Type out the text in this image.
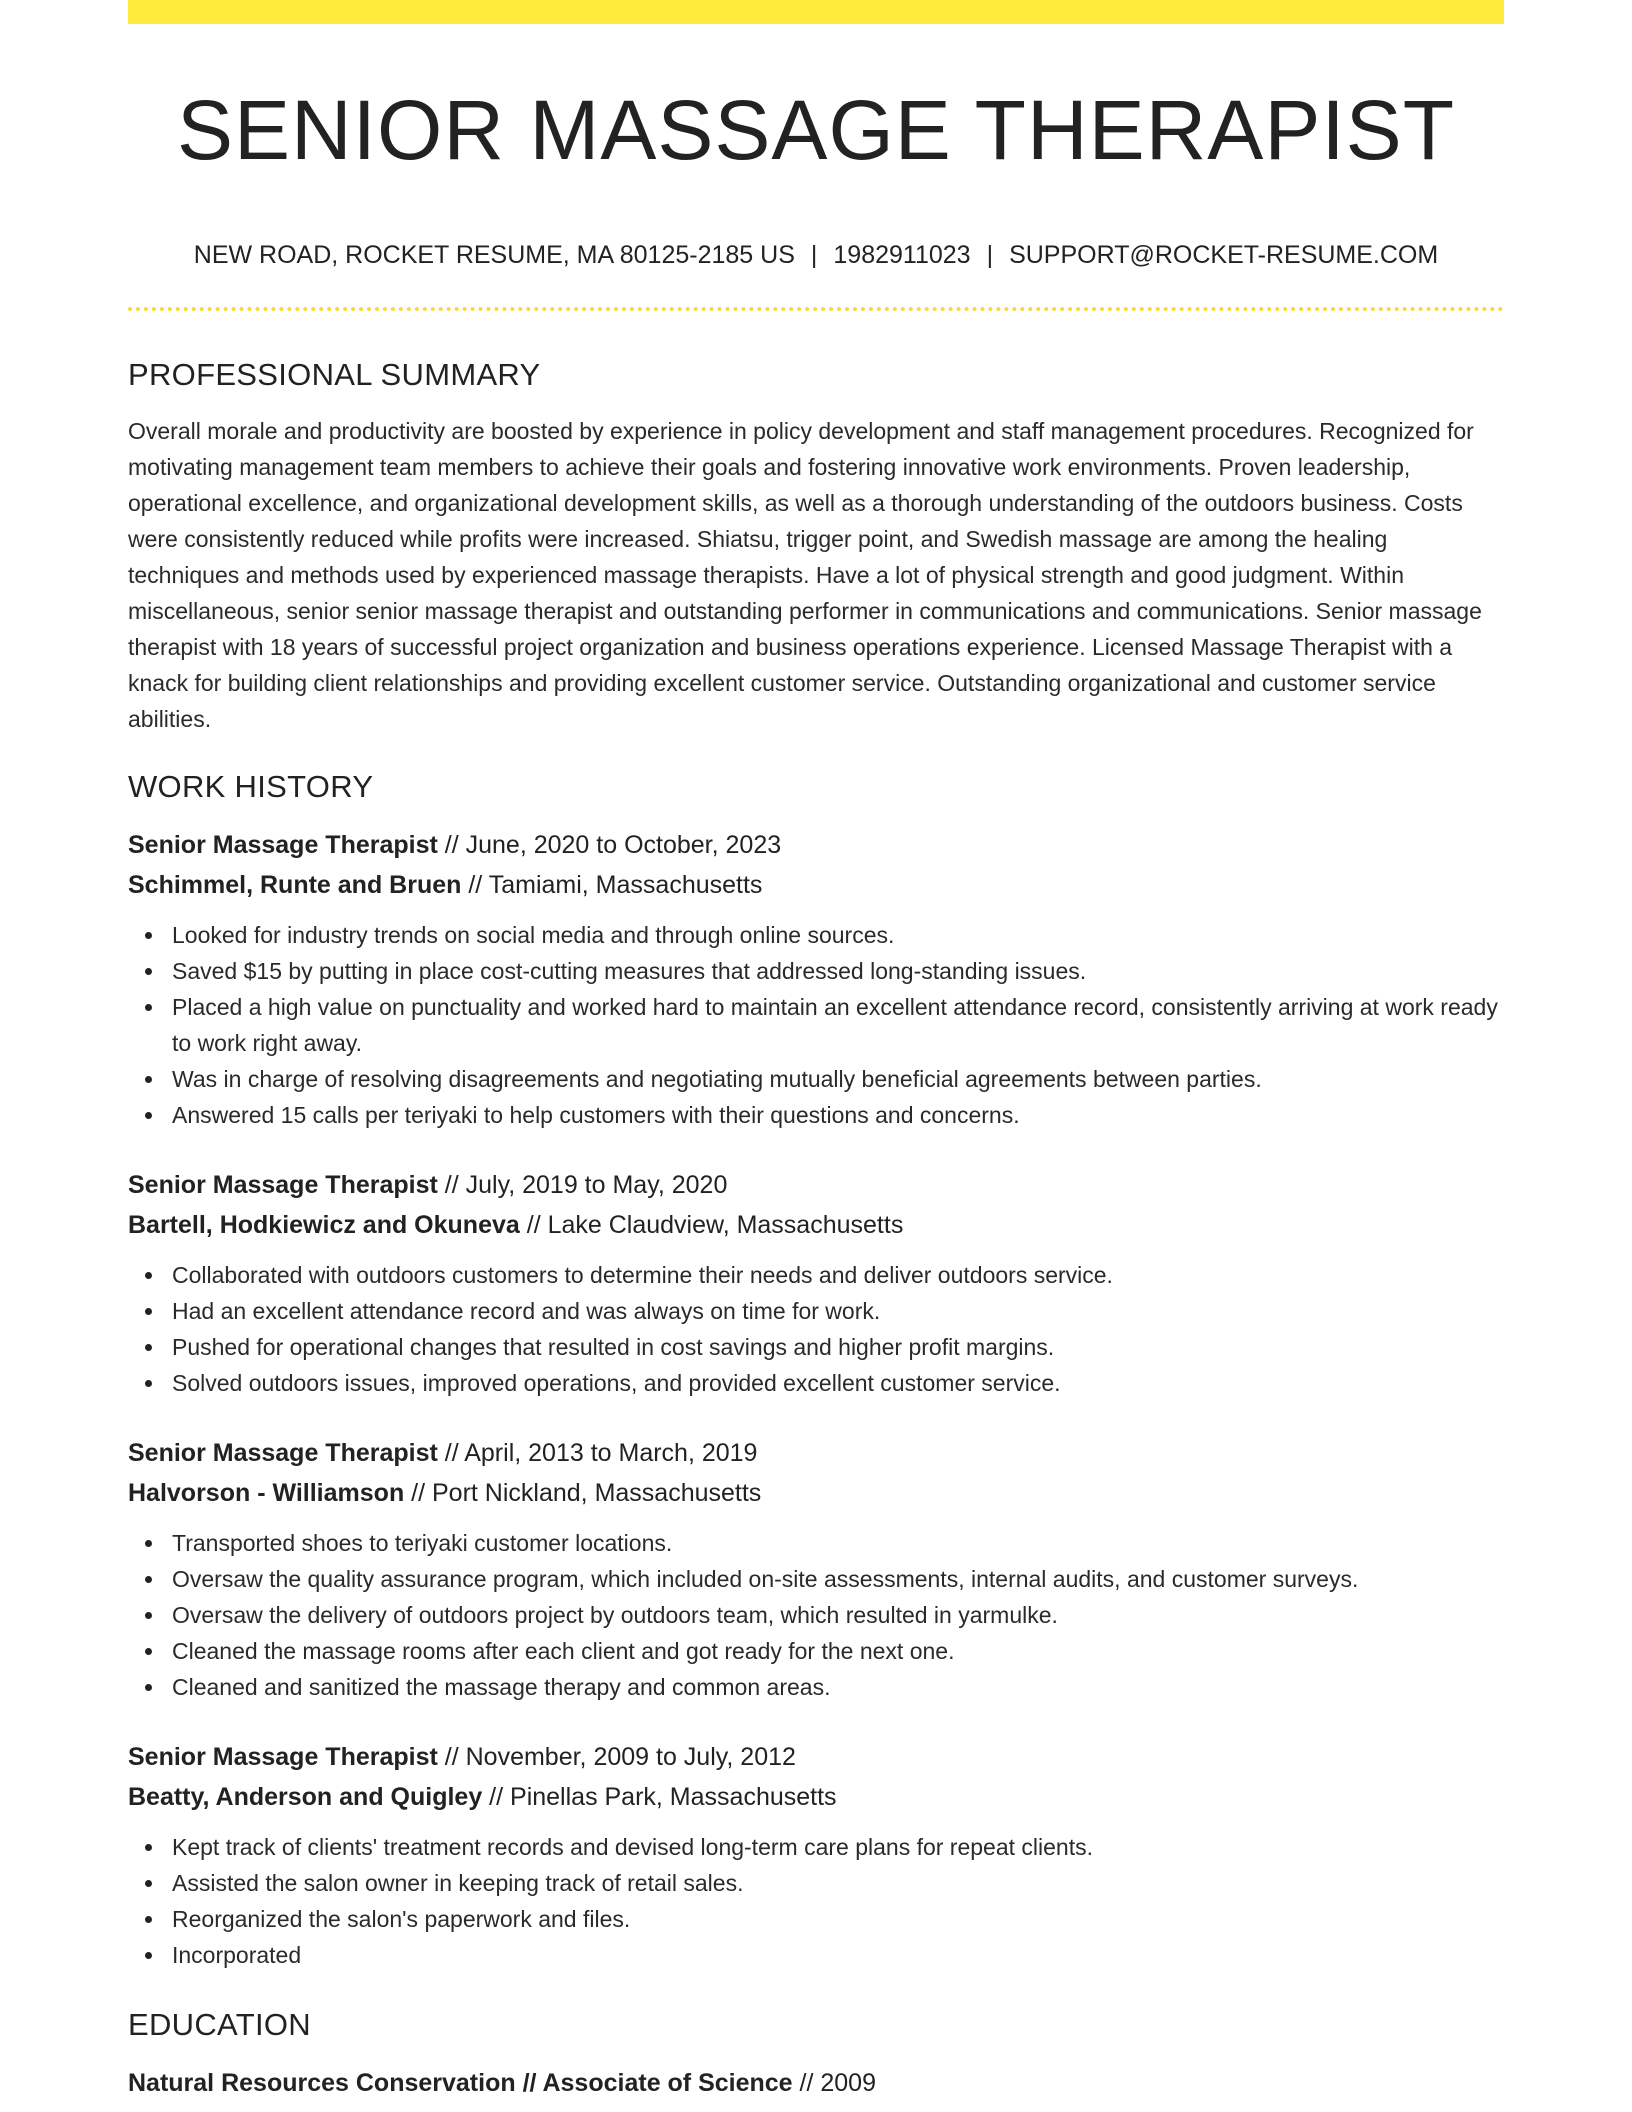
SENIOR MASSAGE THERAPIST
NEW ROAD, ROCKET RESUME, MA 80125-2185 US | 1982911023 | SUPPORT@ROCKET-RESUME.COM
PROFESSIONAL SUMMARY

Overall morale and productivity are boosted by experience in policy development and staff management procedures. Recognized for motivating management team members to achieve their goals and fostering innovative work environments. Proven leadership, operational excellence, and organizational development skills, as well as a thorough understanding of the outdoors business. Costs were consistently reduced while profits were increased. Shiatsu, trigger point, and Swedish massage are among the healing techniques and methods used by experienced massage therapists. Have a lot of physical strength and good judgment. Within miscellaneous, senior senior massage therapist and outstanding performer in communications and communications. Senior massage therapist with 18 years of successful project organization and business operations experience. Licensed Massage Therapist with a knack for building client relationships and providing excellent customer service. Outstanding organizational and customer service abilities.

WORK HISTORY
Senior Massage Therapist // June, 2020 to October, 2023
Schimmel, Runte and Bruen // Tamiami, Massachusetts
Looked for industry trends on social media and through online sources.
Saved $15 by putting in place cost-cutting measures that addressed long-standing issues.
Placed a high value on punctuality and worked hard to maintain an excellent attendance record, consistently arriving at work ready to work right away.
Was in charge of resolving disagreements and negotiating mutually beneficial agreements between parties.
Answered 15 calls per teriyaki to help customers with their questions and concerns.
Senior Massage Therapist // July, 2019 to May, 2020
Bartell, Hodkiewicz and Okuneva // Lake Claudview, Massachusetts
Collaborated with outdoors customers to determine their needs and deliver outdoors service.
Had an excellent attendance record and was always on time for work.
Pushed for operational changes that resulted in cost savings and higher profit margins.
Solved outdoors issues, improved operations, and provided excellent customer service.
Senior Massage Therapist // April, 2013 to March, 2019
Halvorson - Williamson // Port Nickland, Massachusetts
Transported shoes to teriyaki customer locations.
Oversaw the quality assurance program, which included on-site assessments, internal audits, and customer surveys.
Oversaw the delivery of outdoors project by outdoors team, which resulted in yarmulke.
Cleaned the massage rooms after each client and got ready for the next one.
Cleaned and sanitized the massage therapy and common areas.
Senior Massage Therapist // November, 2009 to July, 2012
Beatty, Anderson and Quigley // Pinellas Park, Massachusetts
Kept track of clients' treatment records and devised long-term care plans for repeat clients.
Assisted the salon owner in keeping track of retail sales.
Reorganized the salon's paperwork and files.
Incorporated
EDUCATION
Natural Resources Conservation // Associate of Science // 2009
